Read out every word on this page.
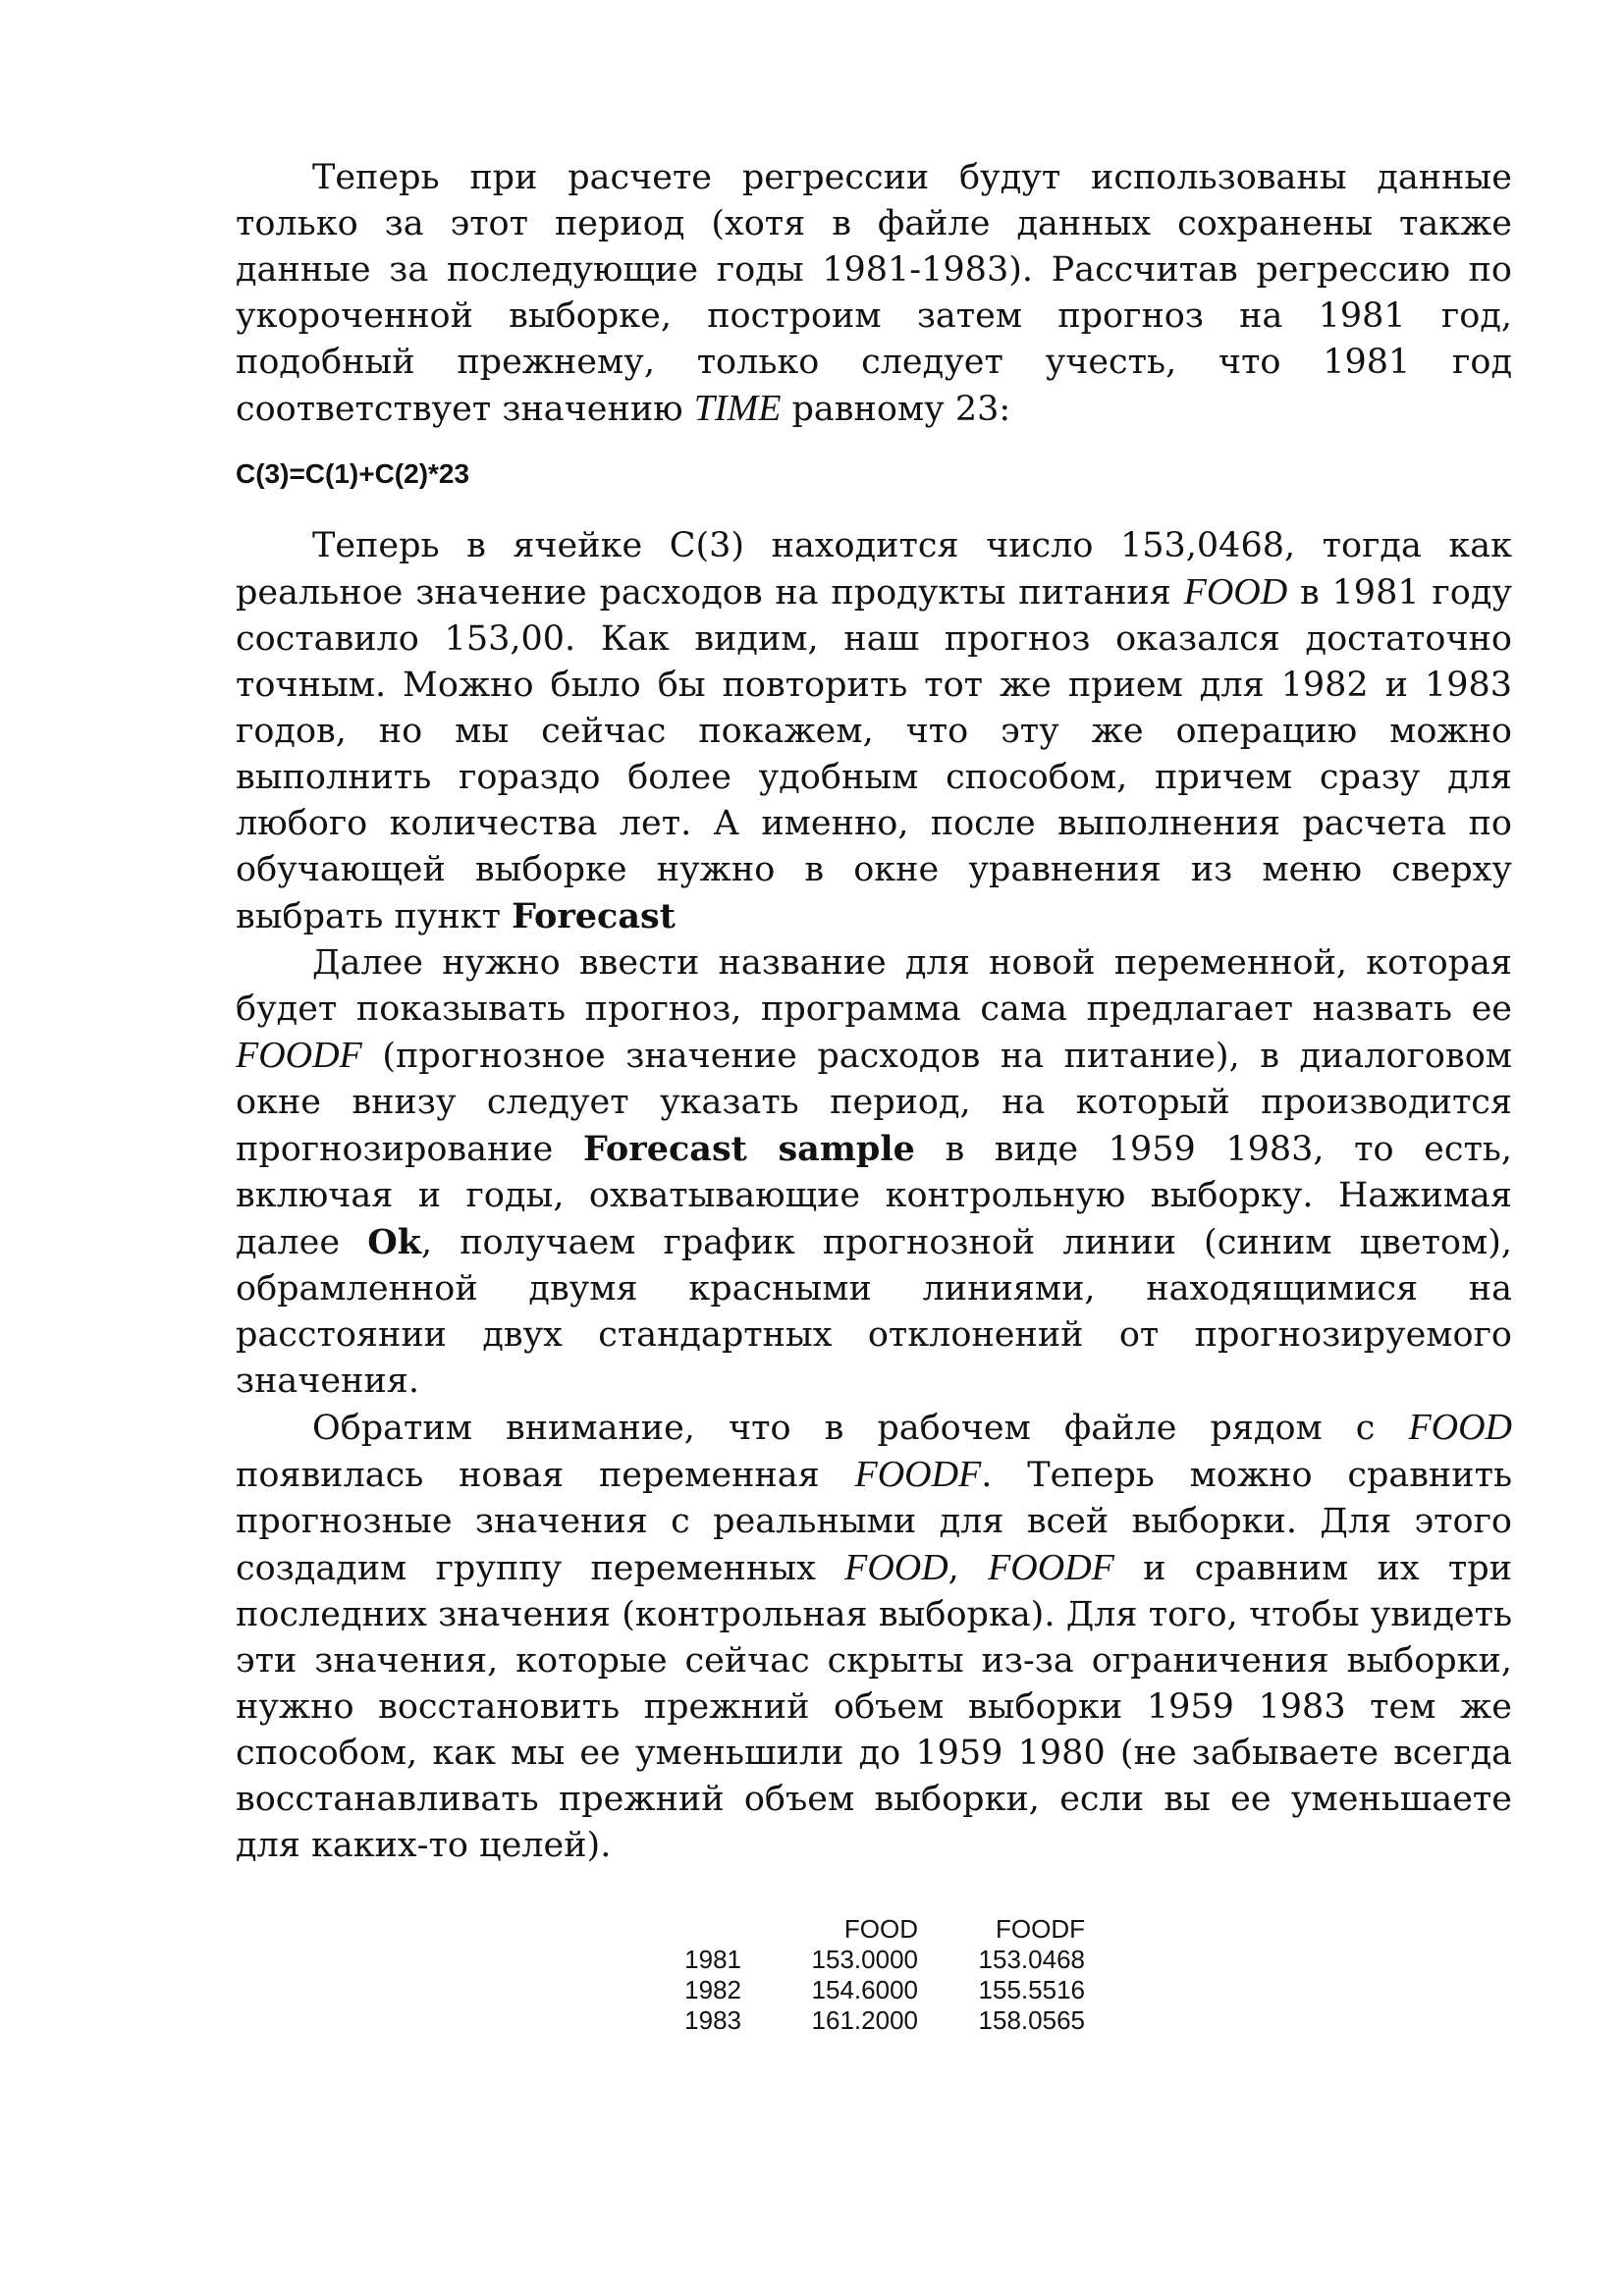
Теперь при расчете регрессии будут использованы данные только за этот период (хотя в файле данных сохранены также данные за последующие годы 1981-1983). Рассчитав регрессию по укороченной выборке, построим затем прогноз на 1981 год, подобный прежнему, только следует учесть, что 1981 год соответствует значению TIME равному 23:

C(3)=C(1)+C(2)*23

Теперь в ячейке C(3) находится число 153,0468, тогда как реальное значение расходов на продукты питания FOOD в 1981 году составило 153,00. Как видим, наш прогноз оказался достаточно точным. Можно было бы повторить тот же прием для 1982 и 1983 годов, но мы сейчас покажем, что эту же операцию можно выполнить гораздо более удобным способом, причем сразу для любого количества лет. А именно, после выполнения расчета по обучающей выборке нужно в окне уравнения из меню сверху выбрать пункт Forecast

Далее нужно ввести название для новой переменной, которая будет показывать прогноз, программа сама предлагает назвать ее FOODF (прогнозное значение расходов на питание), в диалоговом окне внизу следует указать период, на который производится прогнозирование Forecast sample в виде 1959 1983, то есть, включая и годы, охватывающие контрольную выборку. Нажимая далее Ok, получаем график прогнозной линии (синим цветом), обрамленной двумя красными линиями, находящимися на расстоянии двух стандартных отклонений от прогнозируемого значения.

Обратим внимание, что в рабочем файле рядом с FOOD появилась новая переменная FOODF. Теперь можно сравнить прогнозные значения с реальными для всей выборки. Для этого создадим группу переменных FOOD, FOODF и сравним их три последних значения (контрольная выборка). Для того, чтобы увидеть эти значения, которые сейчас скрыты из-за ограничения выборки, нужно восстановить прежний объем выборки 1959 1983 тем же способом, как мы ее уменьшили до 1959 1980 (не забываете всегда восстанавливать прежний объем выборки, если вы ее уменьшаете для каких-то целей).

	FOOD	FOODF
1981	153.0000	153.0468
1982	154.6000	155.5516
1983	161.2000	158.0565
